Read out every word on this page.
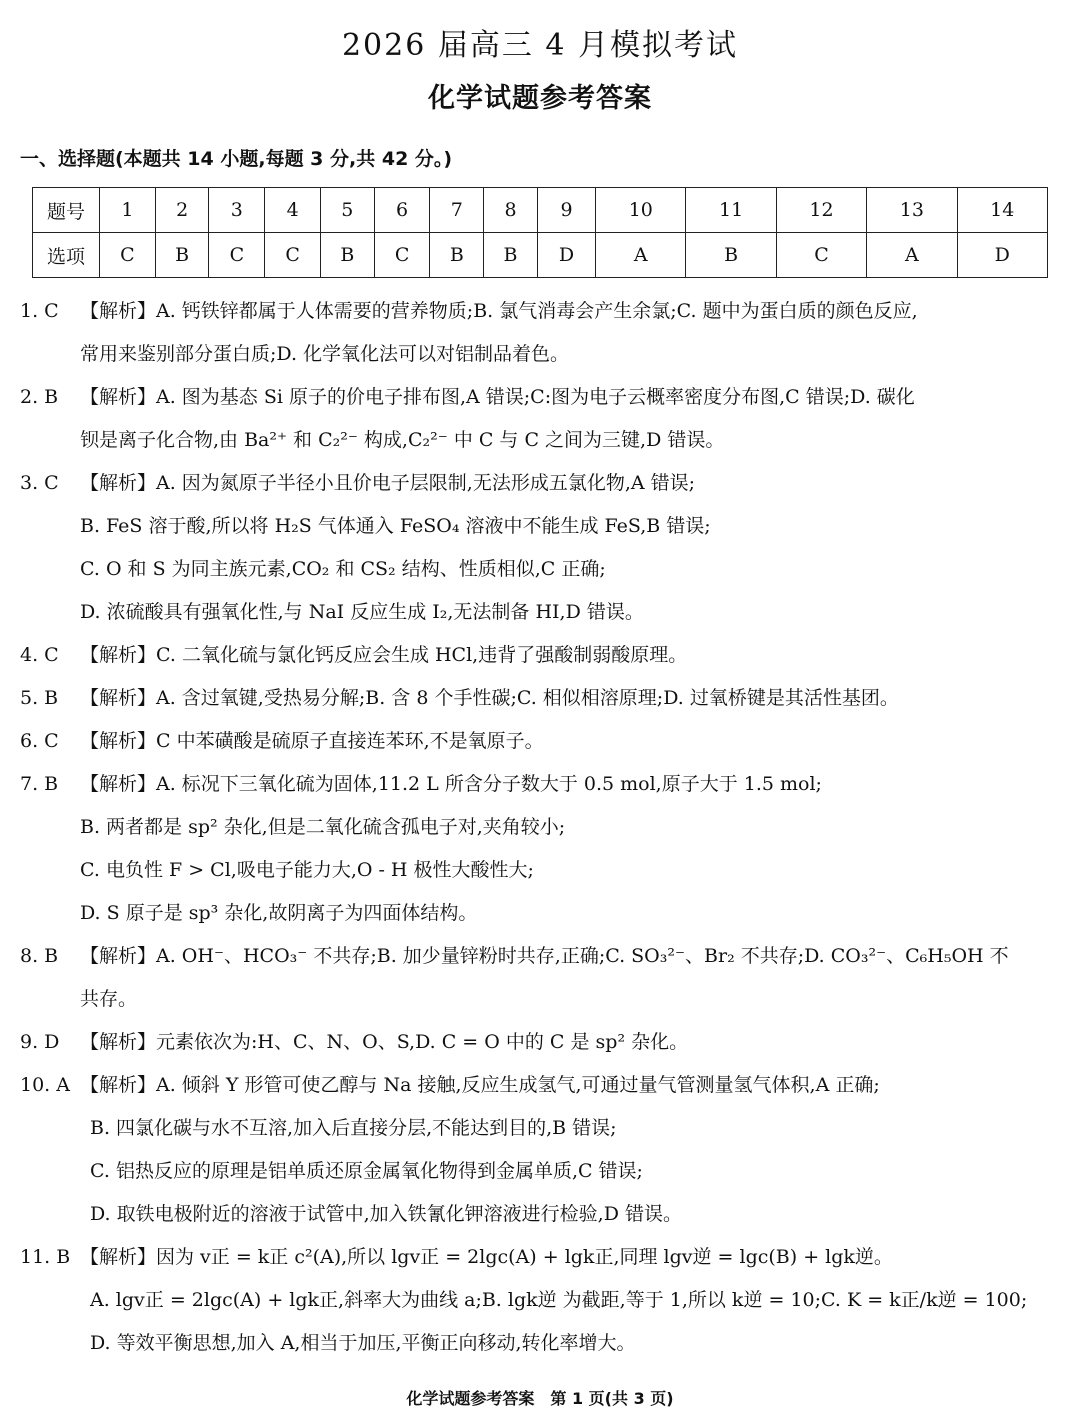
2026 届高三 4 月模拟考试
化学试题参考答案
一、选择题(本题共 14 小题,每题 3 分,共 42 分。)
题号	1	2	3	4	5	6	7	8	9	10	11	12	13	14
选项	C	B	C	C	B	C	B	B	D	A	B	C	A	D
1. C 【解析】A. 钙铁锌都属于人体需要的营养物质;B. 氯气消毒会产生余氯;C. 题中为蛋白质的颜色反应,
常用来鉴别部分蛋白质;D. 化学氧化法可以对铝制品着色。
2. B 【解析】A. 图为基态 Si 原子的价电子排布图,A 错误;C:图为电子云概率密度分布图,C 错误;D. 碳化
钡是离子化合物,由 Ba²⁺ 和 C₂²⁻ 构成,C₂²⁻ 中 C 与 C 之间为三键,D 错误。
3. C 【解析】A. 因为氮原子半径小且价电子层限制,无法形成五氯化物,A 错误;
B. FeS 溶于酸,所以将 H₂S 气体通入 FeSO₄ 溶液中不能生成 FeS,B 错误;
C. O 和 S 为同主族元素,CO₂ 和 CS₂ 结构、性质相似,C 正确;
D. 浓硫酸具有强氧化性,与 NaI 反应生成 I₂,无法制备 HI,D 错误。
4. C 【解析】C. 二氧化硫与氯化钙反应会生成 HCl,违背了强酸制弱酸原理。
5. B 【解析】A. 含过氧键,受热易分解;B. 含 8 个手性碳;C. 相似相溶原理;D. 过氧桥键是其活性基团。
6. C 【解析】C 中苯磺酸是硫原子直接连苯环,不是氧原子。
7. B 【解析】A. 标况下三氧化硫为固体,11.2 L 所含分子数大于 0.5 mol,原子大于 1.5 mol;
B. 两者都是 sp² 杂化,但是二氧化硫含孤电子对,夹角较小;
C. 电负性 F > Cl,吸电子能力大,O - H 极性大酸性大;
D. S 原子是 sp³ 杂化,故阴离子为四面体结构。
8. B 【解析】A. OH⁻、HCO₃⁻ 不共存;B. 加少量锌粉时共存,正确;C. SO₃²⁻、Br₂ 不共存;D. CO₃²⁻、C₆H₅OH 不
共存。
9. D 【解析】元素依次为:H、C、N、O、S,D. C = O 中的 C 是 sp² 杂化。
10. A 【解析】A. 倾斜 Y 形管可使乙醇与 Na 接触,反应生成氢气,可通过量气管测量氢气体积,A 正确;
B. 四氯化碳与水不互溶,加入后直接分层,不能达到目的,B 错误;
C. 铝热反应的原理是铝单质还原金属氧化物得到金属单质,C 错误;
D. 取铁电极附近的溶液于试管中,加入铁氰化钾溶液进行检验,D 错误。
11. B 【解析】因为 v正 = k正 c²(A),所以 lgv正 = 2lgc(A) + lgk正,同理 lgv逆 = lgc(B) + lgk逆。
A. lgv正 = 2lgc(A) + lgk正,斜率大为曲线 a;B. lgk逆 为截距,等于 1,所以 k逆 = 10;C. K = k正/k逆 = 100;
D. 等效平衡思想,加入 A,相当于加压,平衡正向移动,转化率增大。
化学试题参考答案　第 1 页(共 3 页)
